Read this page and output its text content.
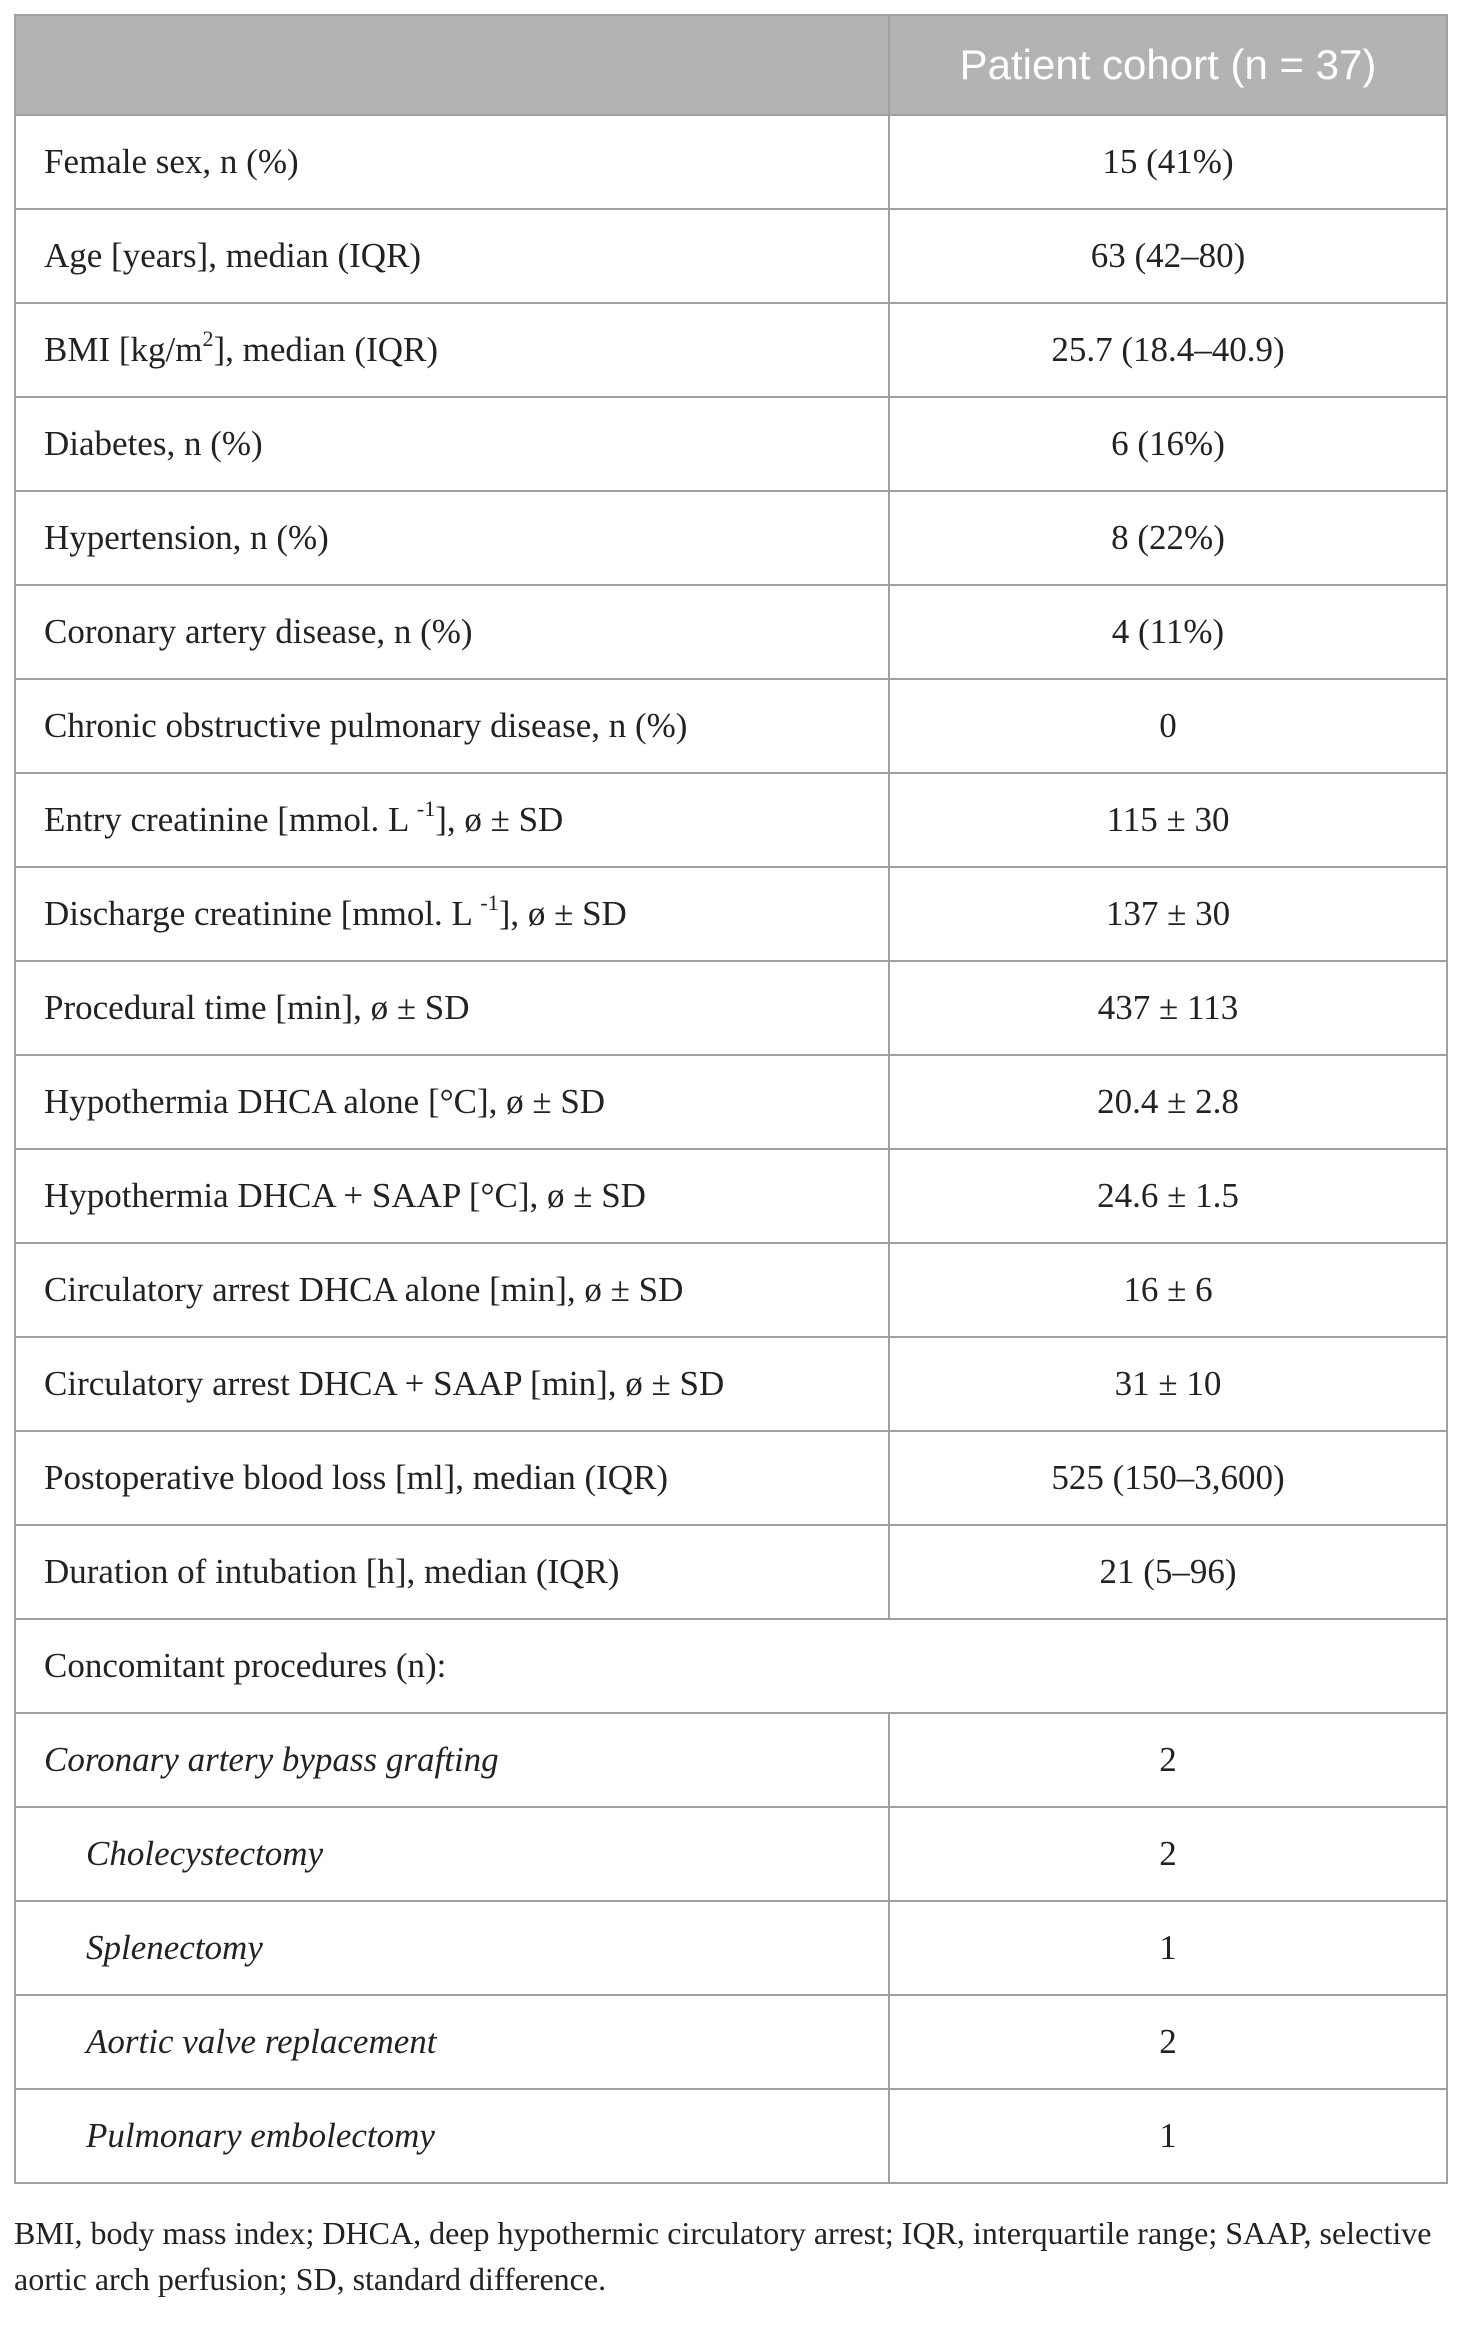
	Patient cohort (n = 37)
Female sex, n (%)	15 (41%)
Age [years], median (IQR)	63 (42–80)
BMI $[kg/m^2]$, median (IQR)	25.7 (18.4–40.9)
Diabetes, n (%)	6 (16%)
Hypertension, n (%)	8 (22%)
Coronary artery disease, n (%)	4 (11%)
Chronic obstructive pulmonary disease, n (%)	0
Entry creatinine [mmol. L $^{-1}$], ø ± SD	115 ± 30
Discharge creatinine [mmol. L $^{-1}$], ø ± SD	137 ± 30
Procedural time [min], ø ± SD	437 ± 113
Hypothermia DHCA alone [°C], ø ± SD	20.4 ± 2.8
Hypothermia DHCA + SAAP [°C], ø ± SD	24.6 ± 1.5
Circulatory arrest DHCA alone [min], ø ± SD	16 ± 6
Circulatory arrest DHCA + SAAP [min], ø ± SD	31 ± 10
Postoperative blood loss [ml], median (IQR)	525 (150–3,600)
Duration of intubation [h], median (IQR)	21 (5–96)
Concomitant procedures (n):	
Coronary artery bypass grafting	2
Cholecystectomy	2
Splenectomy	1
Aortic valve replacement	2
Pulmonary embolectomy	1
BMI, body mass index; DHCA, deep hypothermic circulatory arrest; IQR, interquartile range; SAAP, selective aortic arch perfusion; SD, standard difference.
